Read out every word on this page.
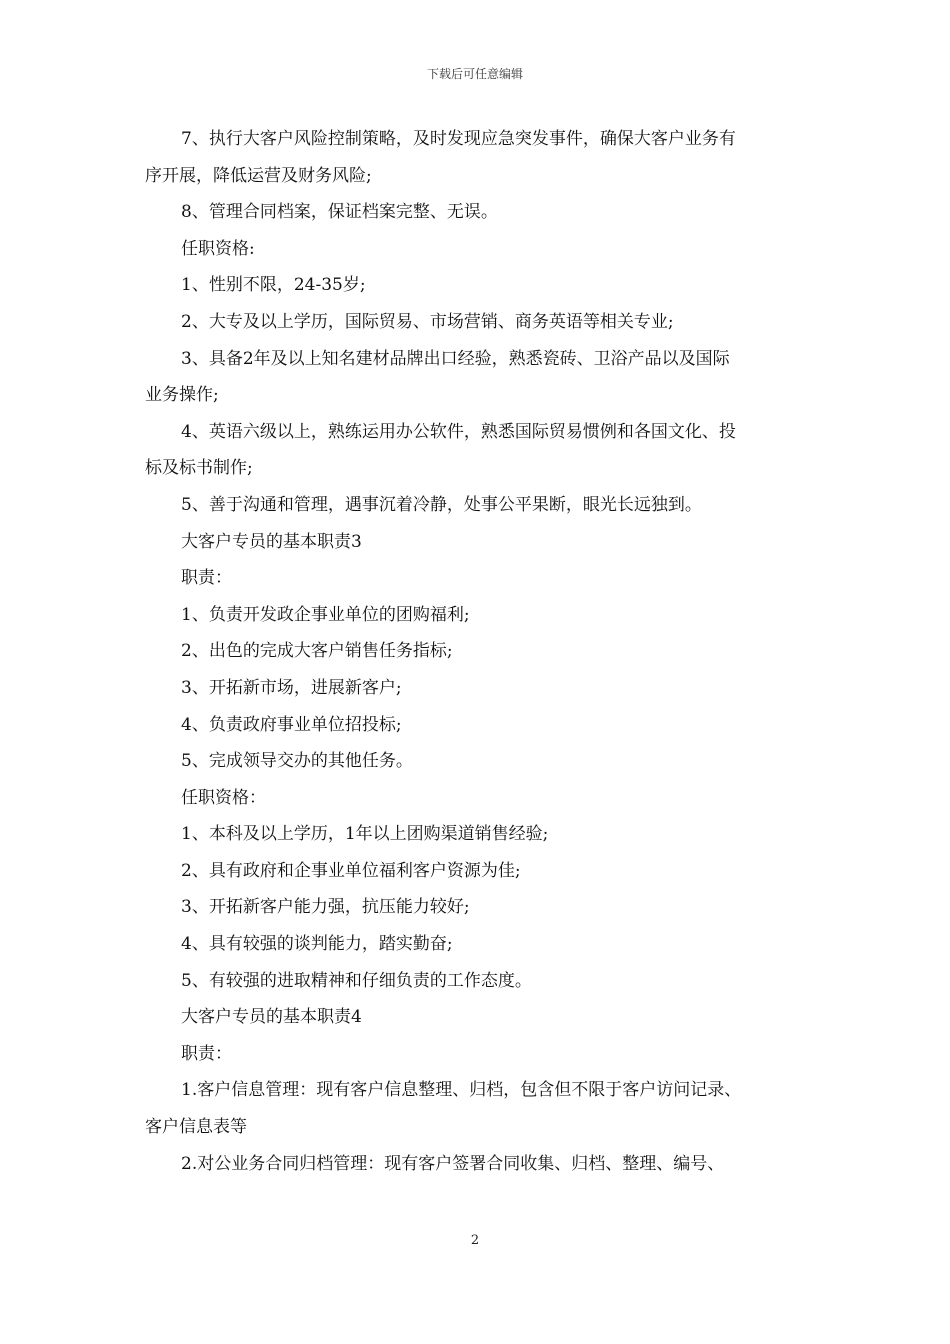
下载后可任意编辑

7、执行大客户风险控制策略，及时发现应急突发事件，确保大客户业务有

序开展，降低运营及财务风险;

8、管理合同档案，保证档案完整、无误。

任职资格:

1、性别不限，24-35岁;

2、大专及以上学历，国际贸易、市场营销、商务英语等相关专业;

3、具备2年及以上知名建材品牌出口经验，熟悉瓷砖、卫浴产品以及国际

业务操作;

4、英语六级以上，熟练运用办公软件，熟悉国际贸易惯例和各国文化、投

标及标书制作;

5、善于沟通和管理，遇事沉着冷静，处事公平果断，眼光长远独到。

大客户专员的基本职责3

职责：

1、负责开发政企事业单位的团购福利;

2、出色的完成大客户销售任务指标;

3、开拓新市场，进展新客户;

4、负责政府事业单位招投标;

5、完成领导交办的其他任务。

任职资格：

1、本科及以上学历，1年以上团购渠道销售经验;

2、具有政府和企事业单位福利客户资源为佳;

3、开拓新客户能力强，抗压能力较好;

4、具有较强的谈判能力，踏实勤奋;

5、有较强的进取精神和仔细负责的工作态度。

大客户专员的基本职责4

职责：

1.客户信息管理：现有客户信息整理、归档，包含但不限于客户访问记录、

客户信息表等

2.对公业务合同归档管理：现有客户签署合同收集、归档、整理、编号、

2
